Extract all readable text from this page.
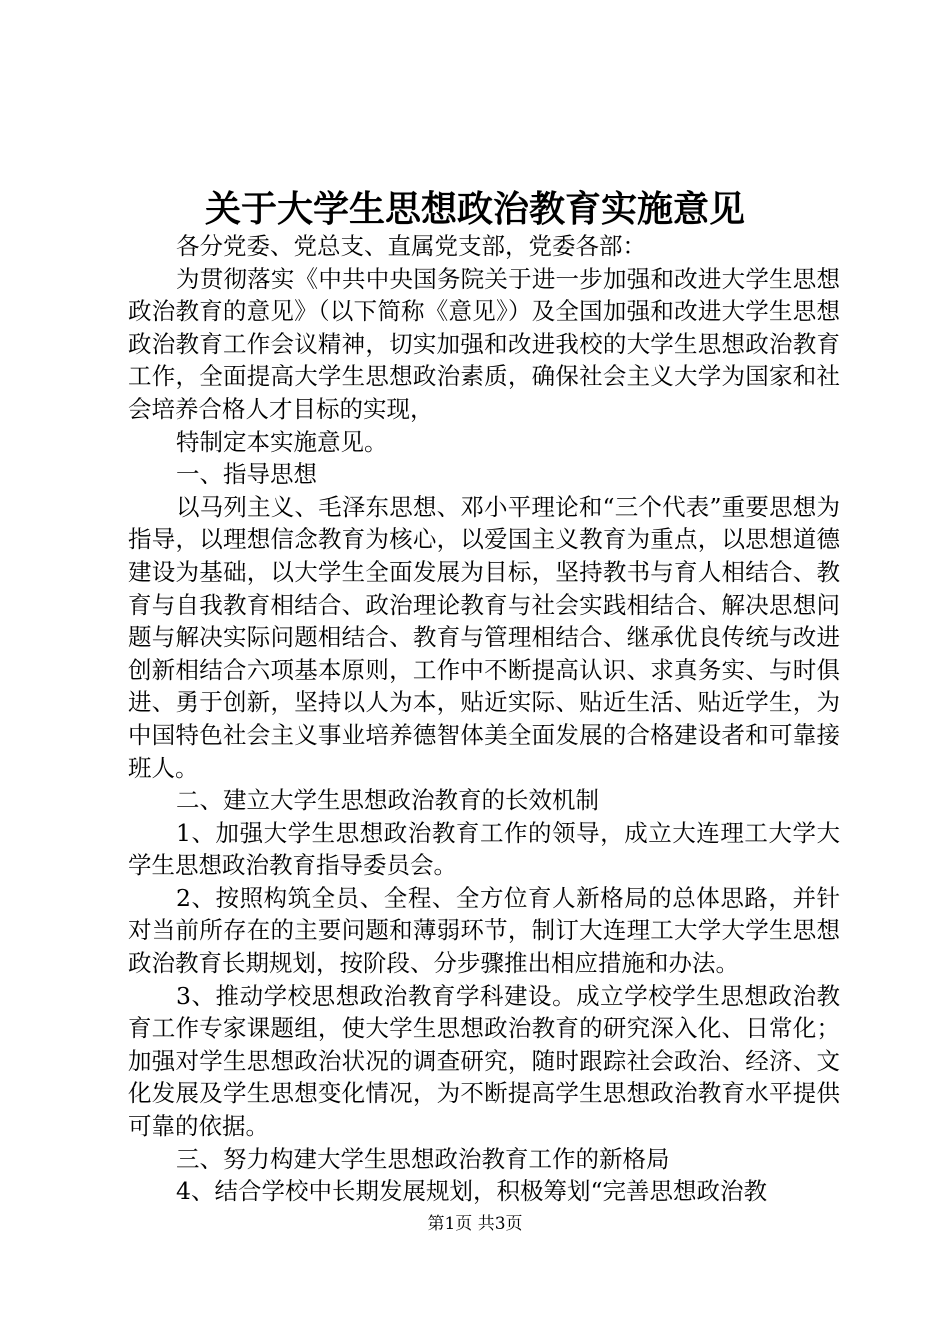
关于大学生思想政治教育实施意见

各分党委、党总支、直属党支部，党委各部：

为贯彻落实《中共中央国务院关于进一步加强和改进大学生思想政治教育的意见》（以下简称《意见》）及全国加强和改进大学生思想政治教育工作会议精神，切实加强和改进我校的大学生思想政治教育工作，全面提高大学生思想政治素质，确保社会主义大学为国家和社会培养合格人才目标的实现，

特制定本实施意见。

一、指导思想

以马列主义、毛泽东思想、邓小平理论和“三个代表”重要思想为指导，以理想信念教育为核心，以爱国主义教育为重点，以思想道德建设为基础，以大学生全面发展为目标，坚持教书与育人相结合、教育与自我教育相结合、政治理论教育与社会实践相结合、解决思想问题与解决实际问题相结合、教育与管理相结合、继承优良传统与改进创新相结合六项基本原则，工作中不断提高认识、求真务实、与时俱进、勇于创新，坚持以人为本，贴近实际、贴近生活、贴近学生，为中国特色社会主义事业培养德智体美全面发展的合格建设者和可靠接班人。

二、建立大学生思想政治教育的长效机制

1、加强大学生思想政治教育工作的领导，成立大连理工大学大学生思想政治教育指导委员会。

2、按照构筑全员、全程、全方位育人新格局的总体思路，并针对当前所存在的主要问题和薄弱环节，制订大连理工大学大学生思想政治教育长期规划，按阶段、分步骤推出相应措施和办法。

3、推动学校思想政治教育学科建设。成立学校学生思想政治教育工作专家课题组，使大学生思想政治教育的研究深入化、日常化；加强对学生思想政治状况的调查研究，随时跟踪社会政治、经济、文化发展及学生思想变化情况，为不断提高学生思想政治教育水平提供可靠的依据。

三、努力构建大学生思想政治教育工作的新格局

4、结合学校中长期发展规划，积极筹划“完善思想政治教

第1页 共3页
